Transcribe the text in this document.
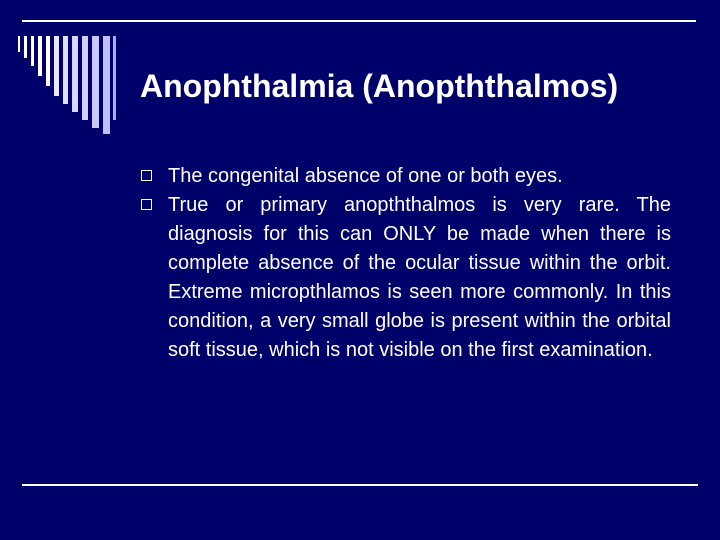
Anophthalmia (Anopththalmos)
The congenital absence of one or both eyes.
True or primary anopththalmos is very rare. The diagnosis for this can ONLY be made when there is complete absence of the ocular tissue within the orbit. Extreme micropthlamos is seen more commonly. In this condition, a very small globe is present within the orbital soft tissue, which is not visible on the first examination.
